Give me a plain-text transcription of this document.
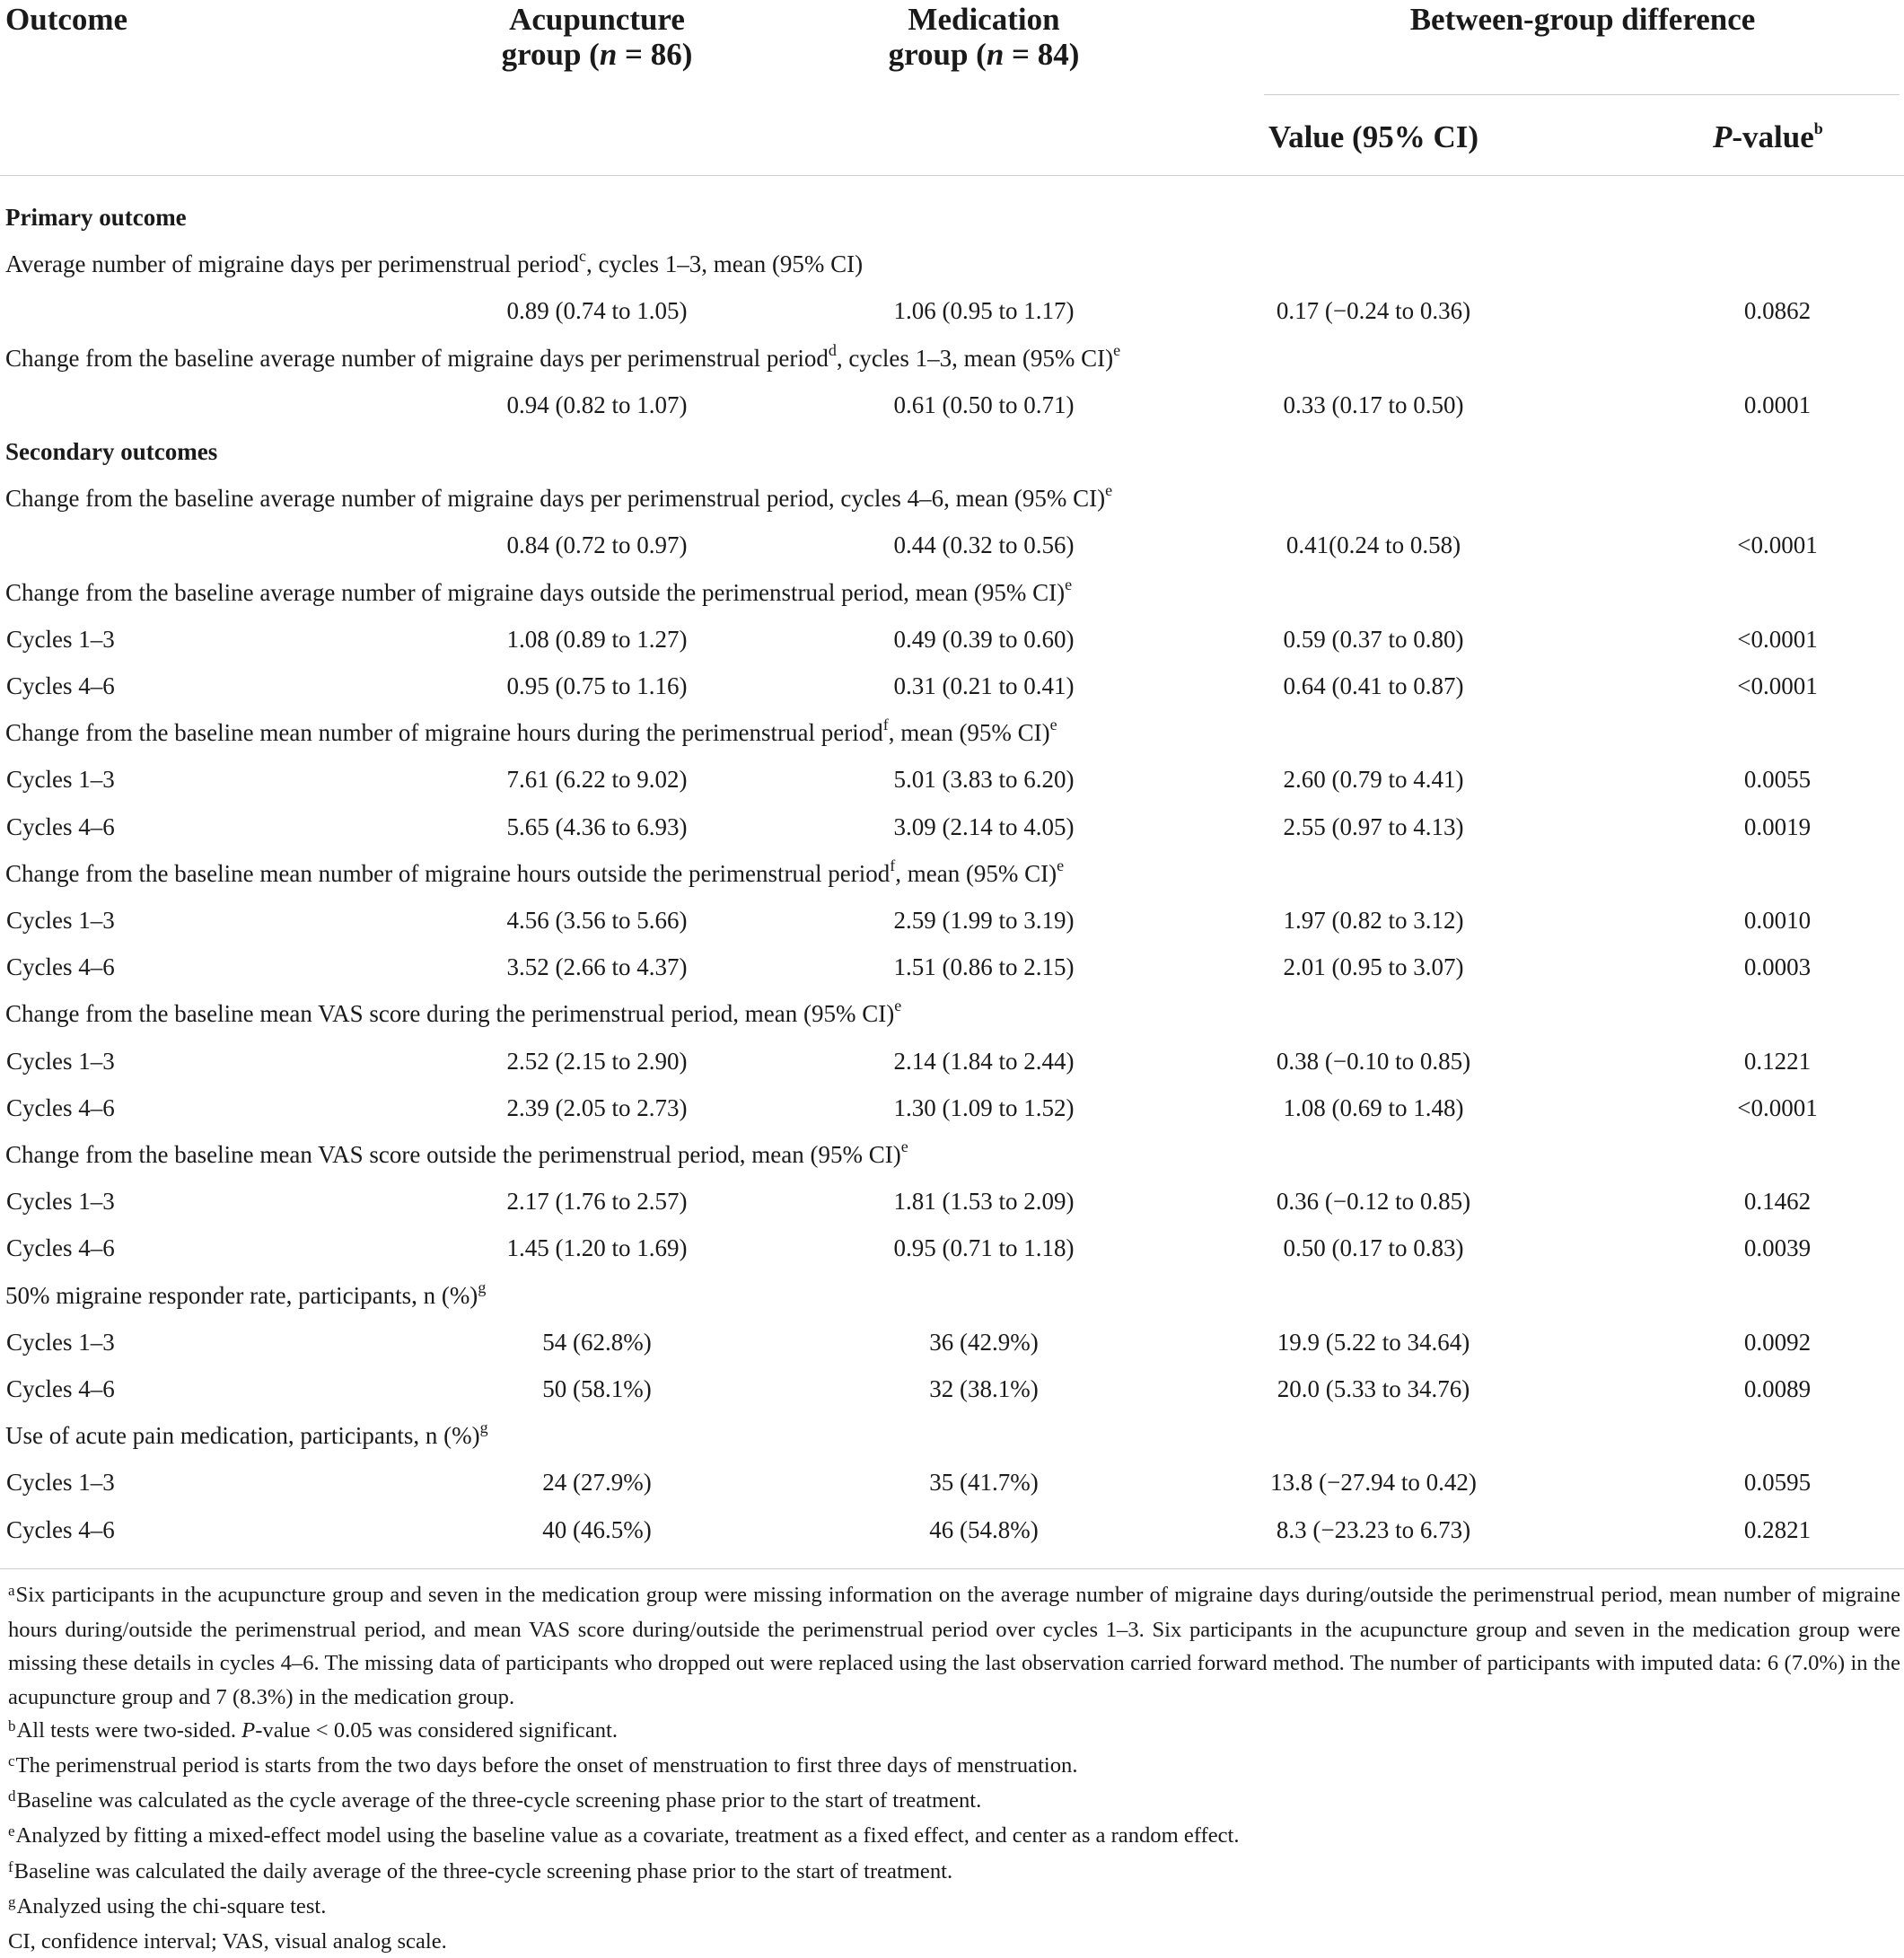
Outcome	Acupuncture
group (n = 86)
Medication
group (n = 84)
Between-group difference
Value (95% CI)	P-value$^b$
Primary outcome
Average number of migraine days per perimenstrual period$^c$, cycles 1–3, mean (95% CI)
0.89 (0.74 to 1.05)	1.06 (0.95 to 1.17)	0.17 (−0.24 to 0.36)	0.0862
Change from the baseline average number of migraine days per perimenstrual period$^d$, cycles 1–3, mean (95% CI)$^e$
0.94 (0.82 to 1.07)	0.61 (0.50 to 0.71)	0.33 (0.17 to 0.50)	0.0001
Secondary outcomes
Change from the baseline average number of migraine days per perimenstrual period, cycles 4–6, mean (95% CI)$^e$
0.84 (0.72 to 0.97)	0.44 (0.32 to 0.56)	0.41(0.24 to 0.58)	<0.0001
Change from the baseline average number of migraine days outside the perimenstrual period, mean (95% CI)$^e$
Cycles 1–3	1.08 (0.89 to 1.27)	0.49 (0.39 to 0.60)	0.59 (0.37 to 0.80)	<0.0001
Cycles 4–6	0.95 (0.75 to 1.16)	0.31 (0.21 to 0.41)	0.64 (0.41 to 0.87)	<0.0001
Change from the baseline mean number of migraine hours during the perimenstrual period$^f$, mean (95% CI)$^e$
Cycles 1–3	7.61 (6.22 to 9.02)	5.01 (3.83 to 6.20)	2.60 (0.79 to 4.41)	0.0055
Cycles 4–6	5.65 (4.36 to 6.93)	3.09 (2.14 to 4.05)	2.55 (0.97 to 4.13)	0.0019
Change from the baseline mean number of migraine hours outside the perimenstrual period$^f$, mean (95% CI)$^e$
Cycles 1–3	4.56 (3.56 to 5.66)	2.59 (1.99 to 3.19)	1.97 (0.82 to 3.12)	0.0010
Cycles 4–6	3.52 (2.66 to 4.37)	1.51 (0.86 to 2.15)	2.01 (0.95 to 3.07)	0.0003
Change from the baseline mean VAS score during the perimenstrual period, mean (95% CI)$^e$
Cycles 1–3	2.52 (2.15 to 2.90)	2.14 (1.84 to 2.44)	0.38 (−0.10 to 0.85)	0.1221
Cycles 4–6	2.39 (2.05 to 2.73)	1.30 (1.09 to 1.52)	1.08 (0.69 to 1.48)	<0.0001
Change from the baseline mean VAS score outside the perimenstrual period, mean (95% CI)$^e$
Cycles 1–3	2.17 (1.76 to 2.57)	1.81 (1.53 to 2.09)	0.36 (−0.12 to 0.85)	0.1462
Cycles 4–6	1.45 (1.20 to 1.69)	0.95 (0.71 to 1.18)	0.50 (0.17 to 0.83)	0.0039
50% migraine responder rate, participants, n (%)$^g$
Cycles 1–3	54 (62.8%)	36 (42.9%)	19.9 (5.22 to 34.64)	0.0092
Cycles 4–6	50 (58.1%)	32 (38.1%)	20.0 (5.33 to 34.76)	0.0089
Use of acute pain medication, participants, n (%)$^g$
Cycles 1–3	24 (27.9%)	35 (41.7%)	13.8 (−27.94 to 0.42)	0.0595
Cycles 4–6	40 (46.5%)	46 (54.8%)	8.3 (−23.23 to 6.73)	0.2821

$^a$Six participants in the acupuncture group and seven in the medication group were missing information on the average number of migraine days during/outside the perimenstrual period, mean number of migraine hours during/outside the perimenstrual period, and mean VAS score during/outside the perimenstrual period over cycles 1–3. Six participants in the acupuncture group and seven in the medication group were missing these details in cycles 4–6. The missing data of participants who dropped out were replaced using the last observation carried forward method. The number of participants with imputed data: 6 (7.0%) in the acupuncture group and 7 (8.3%) in the medication group.

$^b$All tests were two-sided. P-value < 0.05 was considered significant.

$^c$The perimenstrual period is starts from the two days before the onset of menstruation to first three days of menstruation.

$^d$Baseline was calculated as the cycle average of the three-cycle screening phase prior to the start of treatment.

$^e$Analyzed by fitting a mixed-effect model using the baseline value as a covariate, treatment as a fixed effect, and center as a random effect.

$^f$Baseline was calculated the daily average of the three-cycle screening phase prior to the start of treatment.

$^g$Analyzed using the chi-square test.

CI, confidence interval; VAS, visual analog scale.
